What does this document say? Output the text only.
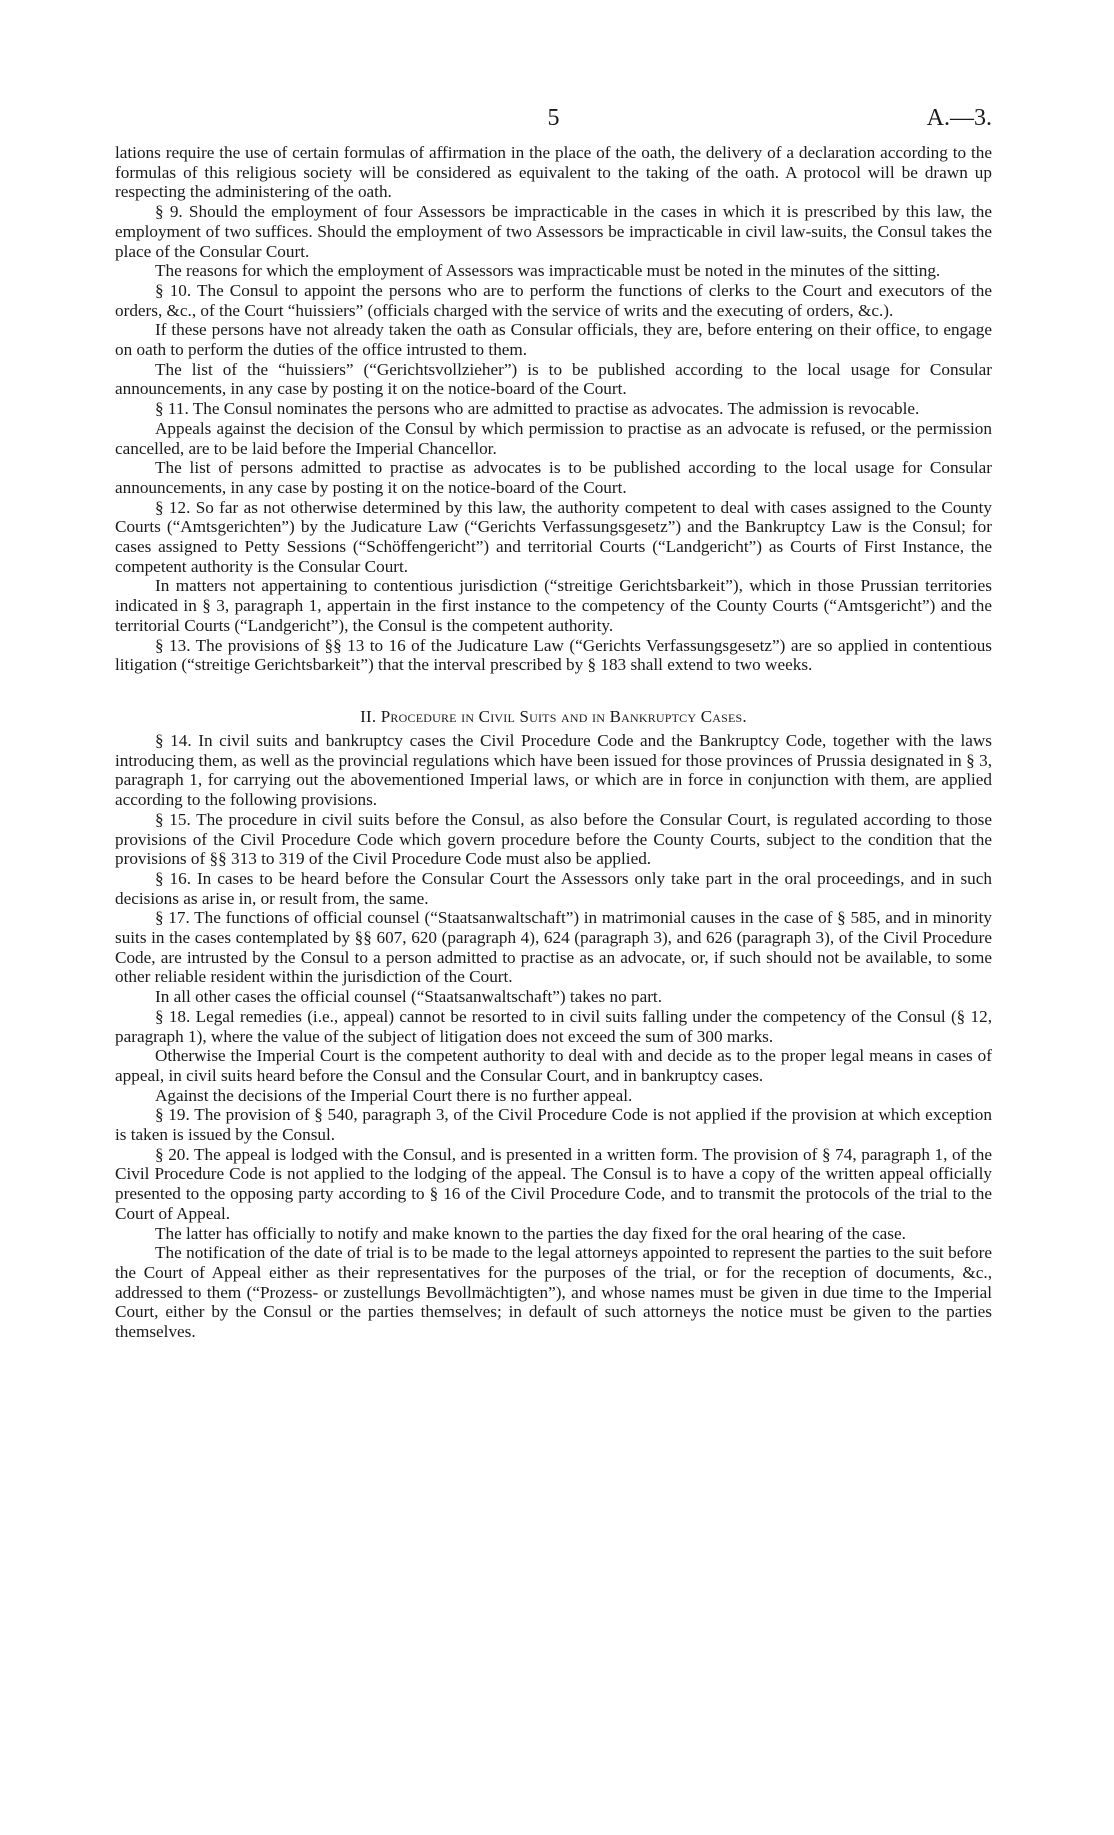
5	A.—3.

lations require the use of certain formulas of affirmation in the place of the oath, the delivery of a declaration according to the formulas of this religious society will be considered as equivalent to the taking of the oath. A protocol will be drawn up respecting the administering of the oath.

§ 9. Should the employment of four Assessors be impracticable in the cases in which it is prescribed by this law, the employment of two suffices. Should the employment of two Assessors be impracticable in civil law-suits, the Consul takes the place of the Consular Court.

The reasons for which the employment of Assessors was impracticable must be noted in the minutes of the sitting.

§ 10. The Consul to appoint the persons who are to perform the functions of clerks to the Court and executors of the orders, &c., of the Court “huissiers” (officials charged with the service of writs and the executing of orders, &c.).

If these persons have not already taken the oath as Consular officials, they are, before entering on their office, to engage on oath to perform the duties of the office intrusted to them.

The list of the “huissiers” (“Gerichtsvollzieher”) is to be published according to the local usage for Consular announcements, in any case by posting it on the notice-board of the Court.

§ 11. The Consul nominates the persons who are admitted to practise as advocates. The admission is revocable.

Appeals against the decision of the Consul by which permission to practise as an advocate is refused, or the permission cancelled, are to be laid before the Imperial Chancellor.

The list of persons admitted to practise as advocates is to be published according to the local usage for Consular announcements, in any case by posting it on the notice-board of the Court.

§ 12. So far as not otherwise determined by this law, the authority competent to deal with cases assigned to the County Courts (“Amtsgerichten”) by the Judicature Law (“Gerichts Verfassungsgesetz”) and the Bankruptcy Law is the Consul; for cases assigned to Petty Sessions (“Schöffengericht”) and territorial Courts (“Landgericht”) as Courts of First Instance, the competent authority is the Consular Court.

In matters not appertaining to contentious jurisdiction (“streitige Gerichtsbarkeit”), which in those Prussian territories indicated in § 3, paragraph 1, appertain in the first instance to the competency of the County Courts (“Amtsgericht”) and the territorial Courts (“Landgericht”), the Consul is the competent authority.

§ 13. The provisions of §§ 13 to 16 of the Judicature Law (“Gerichts Verfassungsgesetz”) are so applied in contentious litigation (“streitige Gerichtsbarkeit”) that the interval prescribed by § 183 shall extend to two weeks.

II. Procedure in Civil Suits and in Bankruptcy Cases.

§ 14. In civil suits and bankruptcy cases the Civil Procedure Code and the Bankruptcy Code, together with the laws introducing them, as well as the provincial regulations which have been issued for those provinces of Prussia designated in § 3, paragraph 1, for carrying out the abovementioned Imperial laws, or which are in force in conjunction with them, are applied according to the following provisions.

§ 15. The procedure in civil suits before the Consul, as also before the Consular Court, is regulated according to those provisions of the Civil Procedure Code which govern procedure before the County Courts, subject to the condition that the provisions of §§ 313 to 319 of the Civil Procedure Code must also be applied.

§ 16. In cases to be heard before the Consular Court the Assessors only take part in the oral proceedings, and in such decisions as arise in, or result from, the same.

§ 17. The functions of official counsel (“Staatsanwaltschaft”) in matrimonial causes in the case of § 585, and in minority suits in the cases contemplated by §§ 607, 620 (paragraph 4), 624 (paragraph 3), and 626 (paragraph 3), of the Civil Procedure Code, are intrusted by the Consul to a person admitted to practise as an advocate, or, if such should not be available, to some other reliable resident within the jurisdiction of the Court.

In all other cases the official counsel (“Staatsanwaltschaft”) takes no part.

§ 18. Legal remedies (i.e., appeal) cannot be resorted to in civil suits falling under the competency of the Consul (§ 12, paragraph 1), where the value of the subject of litigation does not exceed the sum of 300 marks.

Otherwise the Imperial Court is the competent authority to deal with and decide as to the proper legal means in cases of appeal, in civil suits heard before the Consul and the Consular Court, and in bankruptcy cases.

Against the decisions of the Imperial Court there is no further appeal.

§ 19. The provision of § 540, paragraph 3, of the Civil Procedure Code is not applied if the provision at which exception is taken is issued by the Consul.

§ 20. The appeal is lodged with the Consul, and is presented in a written form. The provision of § 74, paragraph 1, of the Civil Procedure Code is not applied to the lodging of the appeal. The Consul is to have a copy of the written appeal officially presented to the opposing party according to § 16 of the Civil Procedure Code, and to transmit the protocols of the trial to the Court of Appeal.

The latter has officially to notify and make known to the parties the day fixed for the oral hearing of the case.

The notification of the date of trial is to be made to the legal attorneys appointed to represent the parties to the suit before the Court of Appeal either as their representatives for the purposes of the trial, or for the reception of documents, &c., addressed to them (“Prozess- or zustellungs Bevollmächtigten”), and whose names must be given in due time to the Imperial Court, either by the Consul or the parties themselves; in default of such attorneys the notice must be given to the parties themselves.
